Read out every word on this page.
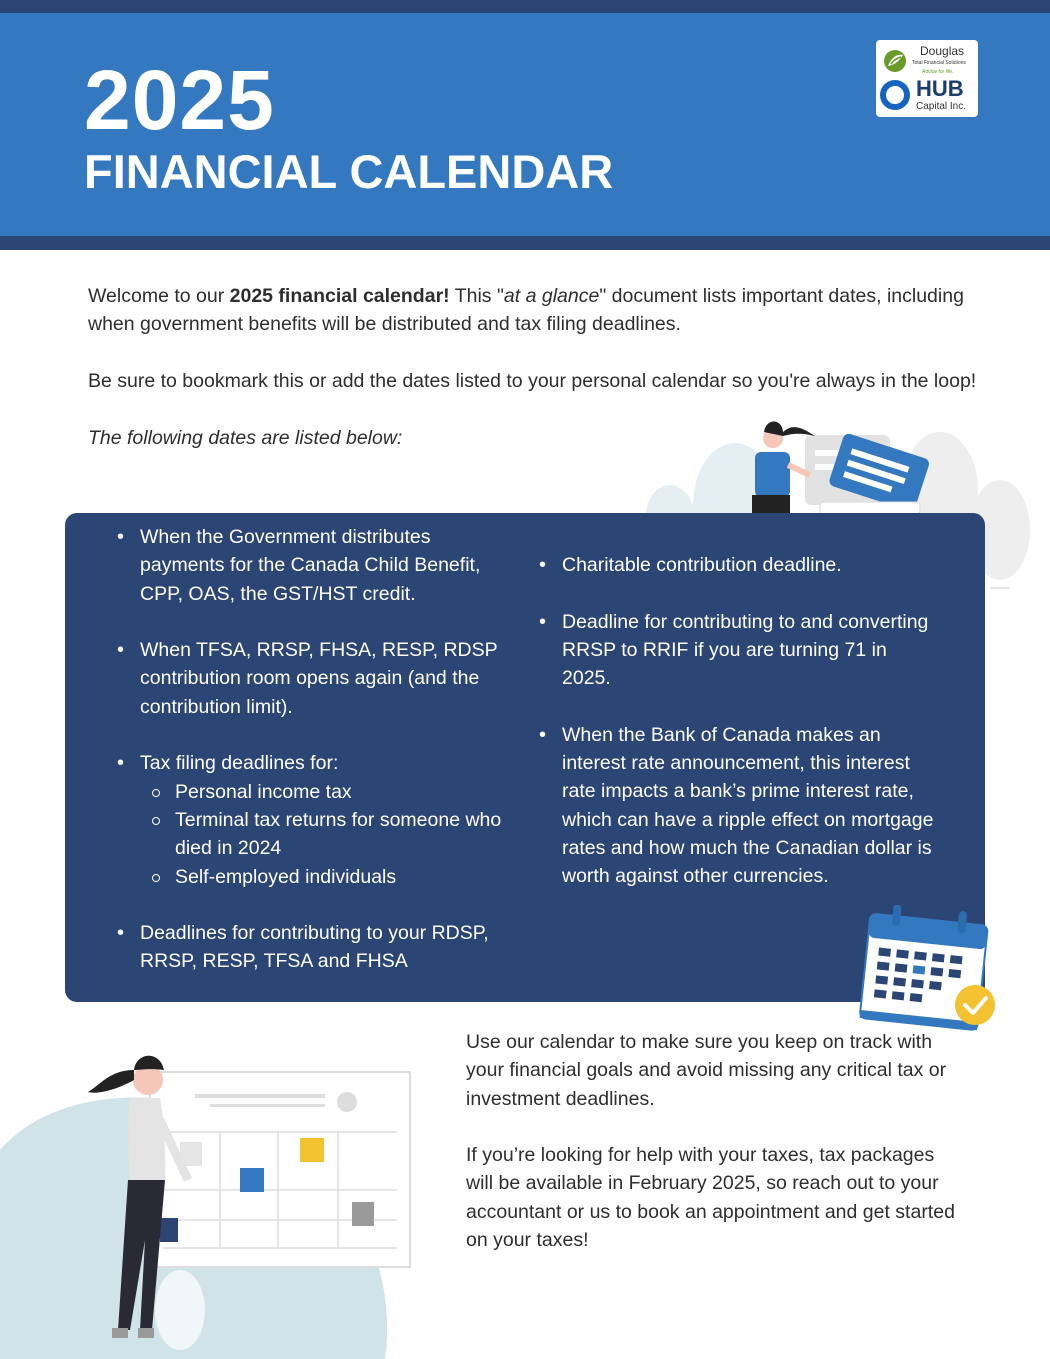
2025
FINANCIAL CALENDAR
Douglas
Total Financial Solutions
Advice for life.
HUB
Capital Inc.

Welcome to our 2025 financial calendar! This "at a glance" document lists important dates, including when government benefits will be distributed and tax filing deadlines.

Be sure to bookmark this or add the dates listed to your personal calendar so you're always in the loop!

The following dates are listed below:

• When the Government distributes payments for the Canada Child Benefit, CPP, OAS, the GST/HST credit.
• When TFSA, RRSP, FHSA, RESP, RDSP contribution room opens again (and the contribution limit).
• Tax filing deadlines for:
Personal income tax
Terminal tax returns for someone who died in 2024
Self-employed individuals
• Deadlines for contributing to your RDSP, RRSP, RESP, TFSA and FHSA
• Charitable contribution deadline.
• Deadline for contributing to and converting RRSP to RRIF if you are turning 71 in 2025.
• When the Bank of Canada makes an interest rate announcement, this interest rate impacts a bank’s prime interest rate, which can have a ripple effect on mortgage rates and how much the Canadian dollar is worth against other currencies.

Use our calendar to make sure you keep on track with your financial goals and avoid missing any critical tax or investment deadlines.

If you’re looking for help with your taxes, tax packages will be available in February 2025, so reach out to your accountant or us to book an appointment and get started on your taxes!
